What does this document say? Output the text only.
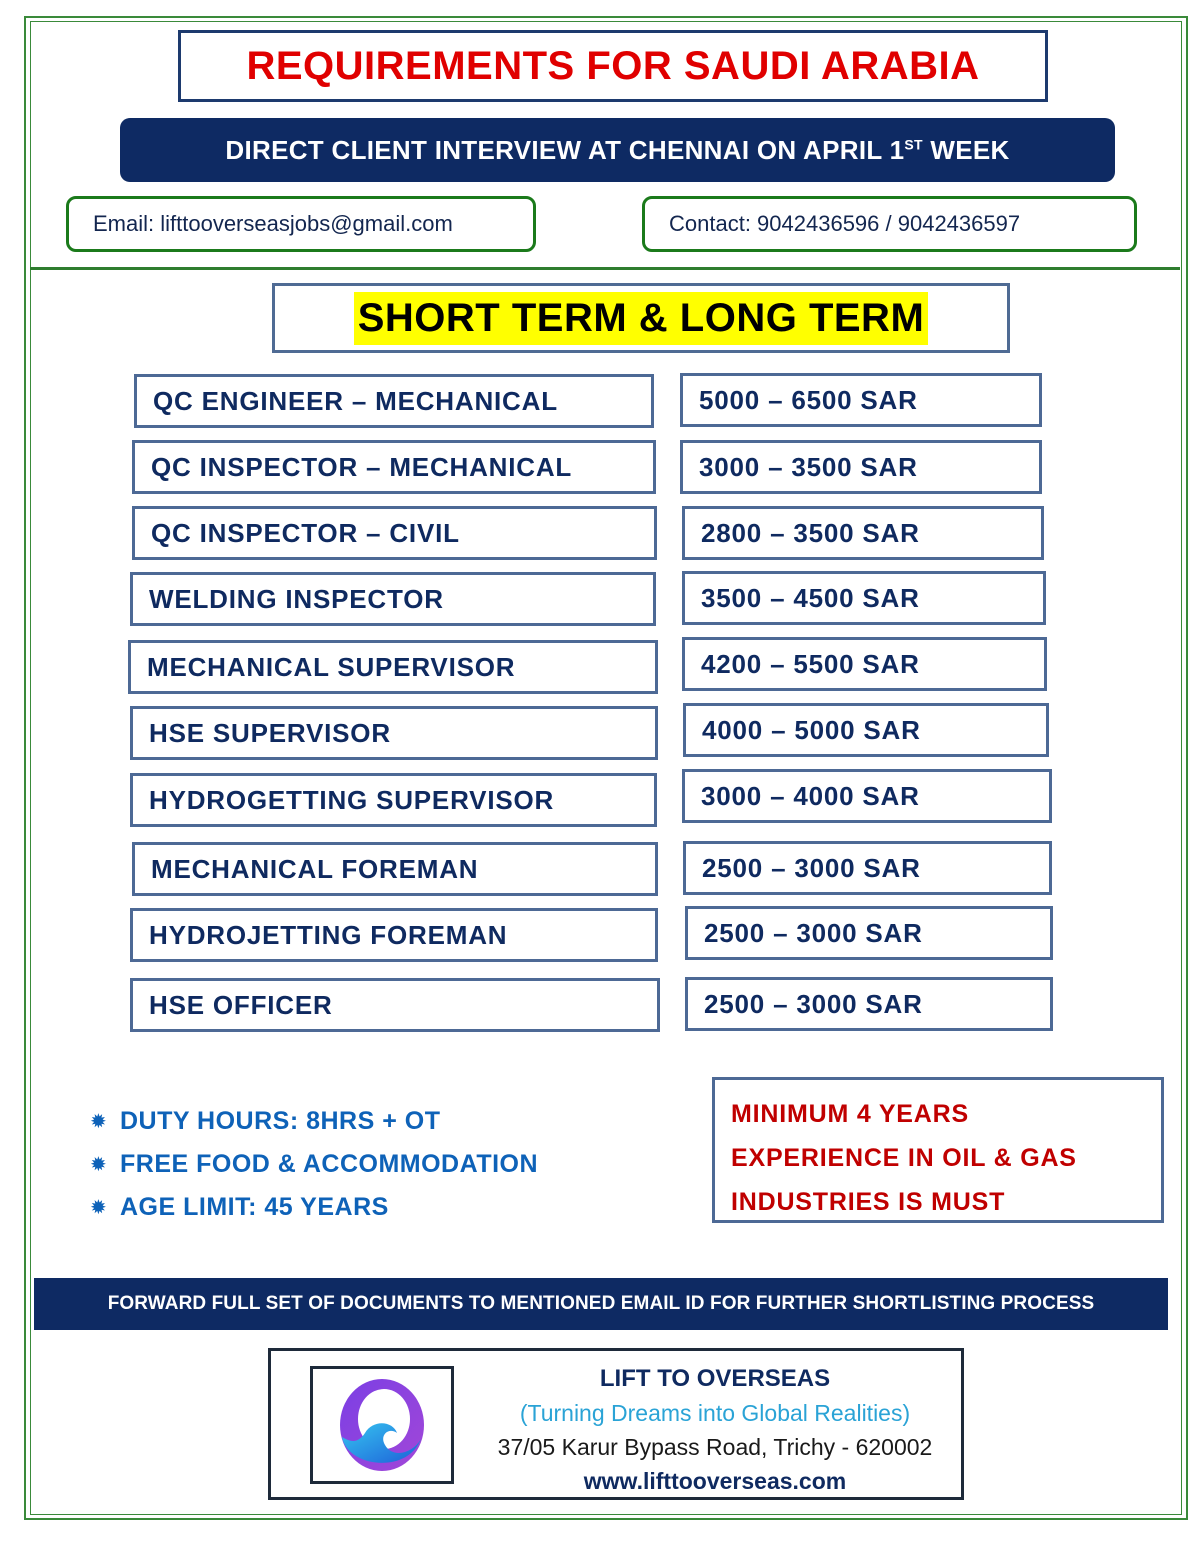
REQUIREMENTS FOR SAUDI ARABIA
DIRECT CLIENT INTERVIEW AT CHENNAI ON APRIL 1ST WEEK
Email: lifttooverseasjobs@gmail.com	Contact: 9042436596 / 9042436597
SHORT TERM & LONG TERM
QC ENGINEER – MECHANICAL	5000 – 6500 SAR
QC INSPECTOR – MECHANICAL	3000 – 3500 SAR
QC INSPECTOR – CIVIL	2800 – 3500 SAR
WELDING INSPECTOR	3500 – 4500 SAR
MECHANICAL SUPERVISOR	4200 – 5500 SAR
HSE SUPERVISOR	4000 – 5000 SAR
HYDROGETTING SUPERVISOR	3000 – 4000 SAR
MECHANICAL FOREMAN	2500 – 3000 SAR
HYDROJETTING FOREMAN	2500 – 3000 SAR
HSE OFFICER	2500 – 3000 SAR
✹ DUTY HOURS: 8HRS + OT
✹ FREE FOOD & ACCOMMODATION
✹ AGE LIMIT: 45 YEARS
MINIMUM 4 YEARS
EXPERIENCE IN OIL & GAS
INDUSTRIES IS MUST
FORWARD FULL SET OF DOCUMENTS TO MENTIONED EMAIL ID FOR FURTHER SHORTLISTING PROCESS
LIFT TO OVERSEAS
(Turning Dreams into Global Realities)
37/05 Karur Bypass Road, Trichy - 620002
www.lifttooverseas.com
